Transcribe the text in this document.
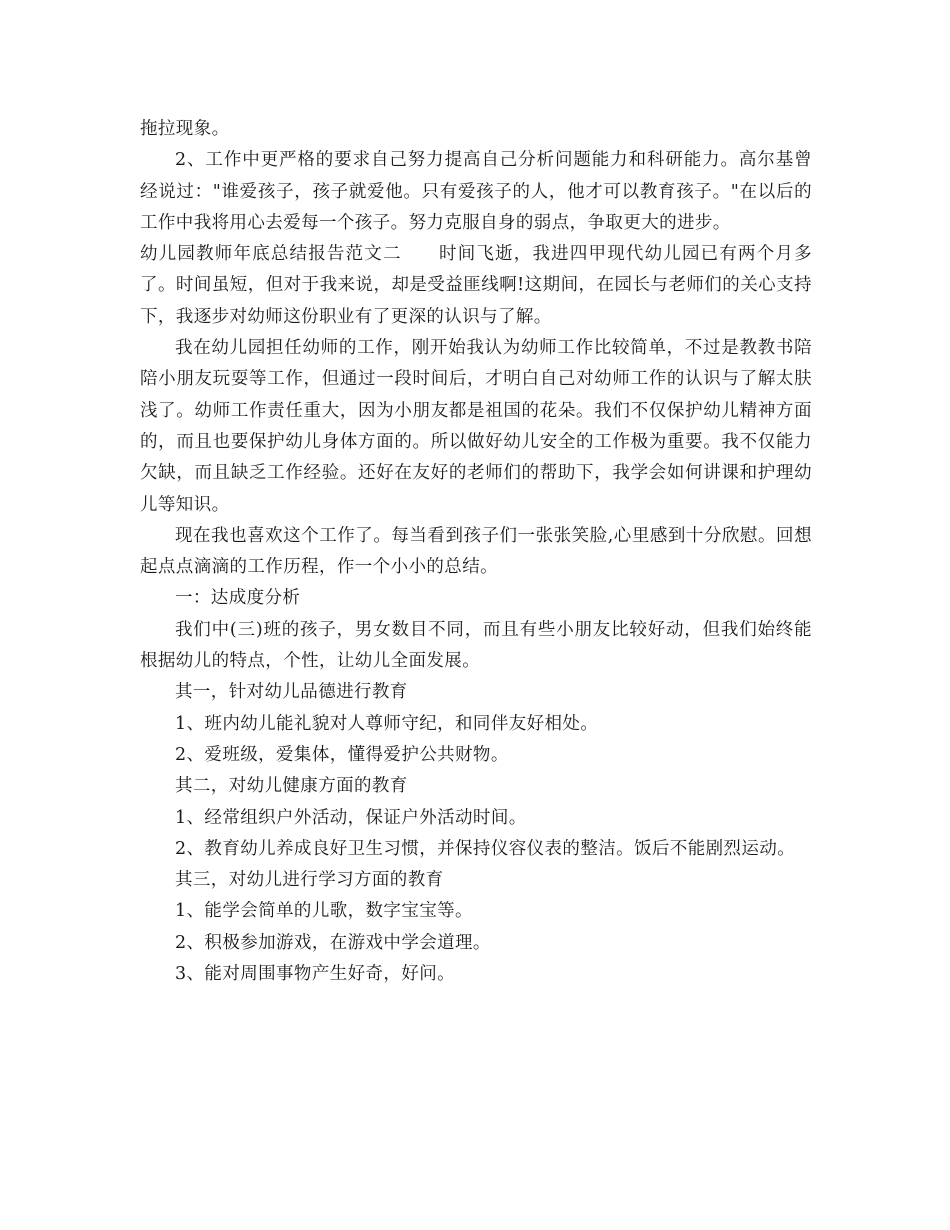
拖拉现象。

2、工作中更严格的要求自己努力提高自己分析问题能力和科研能力。高尔基曾经说过："谁爱孩子，孩子就爱他。只有爱孩子的人，他才可以教育孩子。"在以后的工作中我将用心去爱每一个孩子。努力克服自身的弱点，争取更大的进步。

幼儿园教师年底总结报告范文二　　时间飞逝，我进四甲现代幼儿园已有两个月多了。时间虽短，但对于我来说，却是受益匪线啊!这期间，在园长与老师们的关心支持下，我逐步对幼师这份职业有了更深的认识与了解。

我在幼儿园担任幼师的工作，刚开始我认为幼师工作比较简单，不过是教教书陪陪小朋友玩耍等工作，但通过一段时间后，才明白自己对幼师工作的认识与了解太肤浅了。幼师工作责任重大，因为小朋友都是祖国的花朵。我们不仅保护幼儿精神方面的，而且也要保护幼儿身体方面的。所以做好幼儿安全的工作极为重要。我不仅能力欠缺，而且缺乏工作经验。还好在友好的老师们的帮助下，我学会如何讲课和护理幼儿等知识。

现在我也喜欢这个工作了。每当看到孩子们一张张笑脸,心里感到十分欣慰。回想起点点滴滴的工作历程，作一个小小的总结。

一：达成度分析

我们中(三)班的孩子，男女数目不同，而且有些小朋友比较好动，但我们始终能根据幼儿的特点，个性，让幼儿全面发展。

其一，针对幼儿品德进行教育

1、班内幼儿能礼貌对人尊师守纪，和同伴友好相处。

2、爱班级，爱集体，懂得爱护公共财物。

其二，对幼儿健康方面的教育

1、经常组织户外活动，保证户外活动时间。

2、教育幼儿养成良好卫生习惯，并保持仪容仪表的整洁。饭后不能剧烈运动。

其三，对幼儿进行学习方面的教育

1、能学会简单的儿歌，数字宝宝等。

2、积极参加游戏，在游戏中学会道理。

3、能对周围事物产生好奇，好问。
